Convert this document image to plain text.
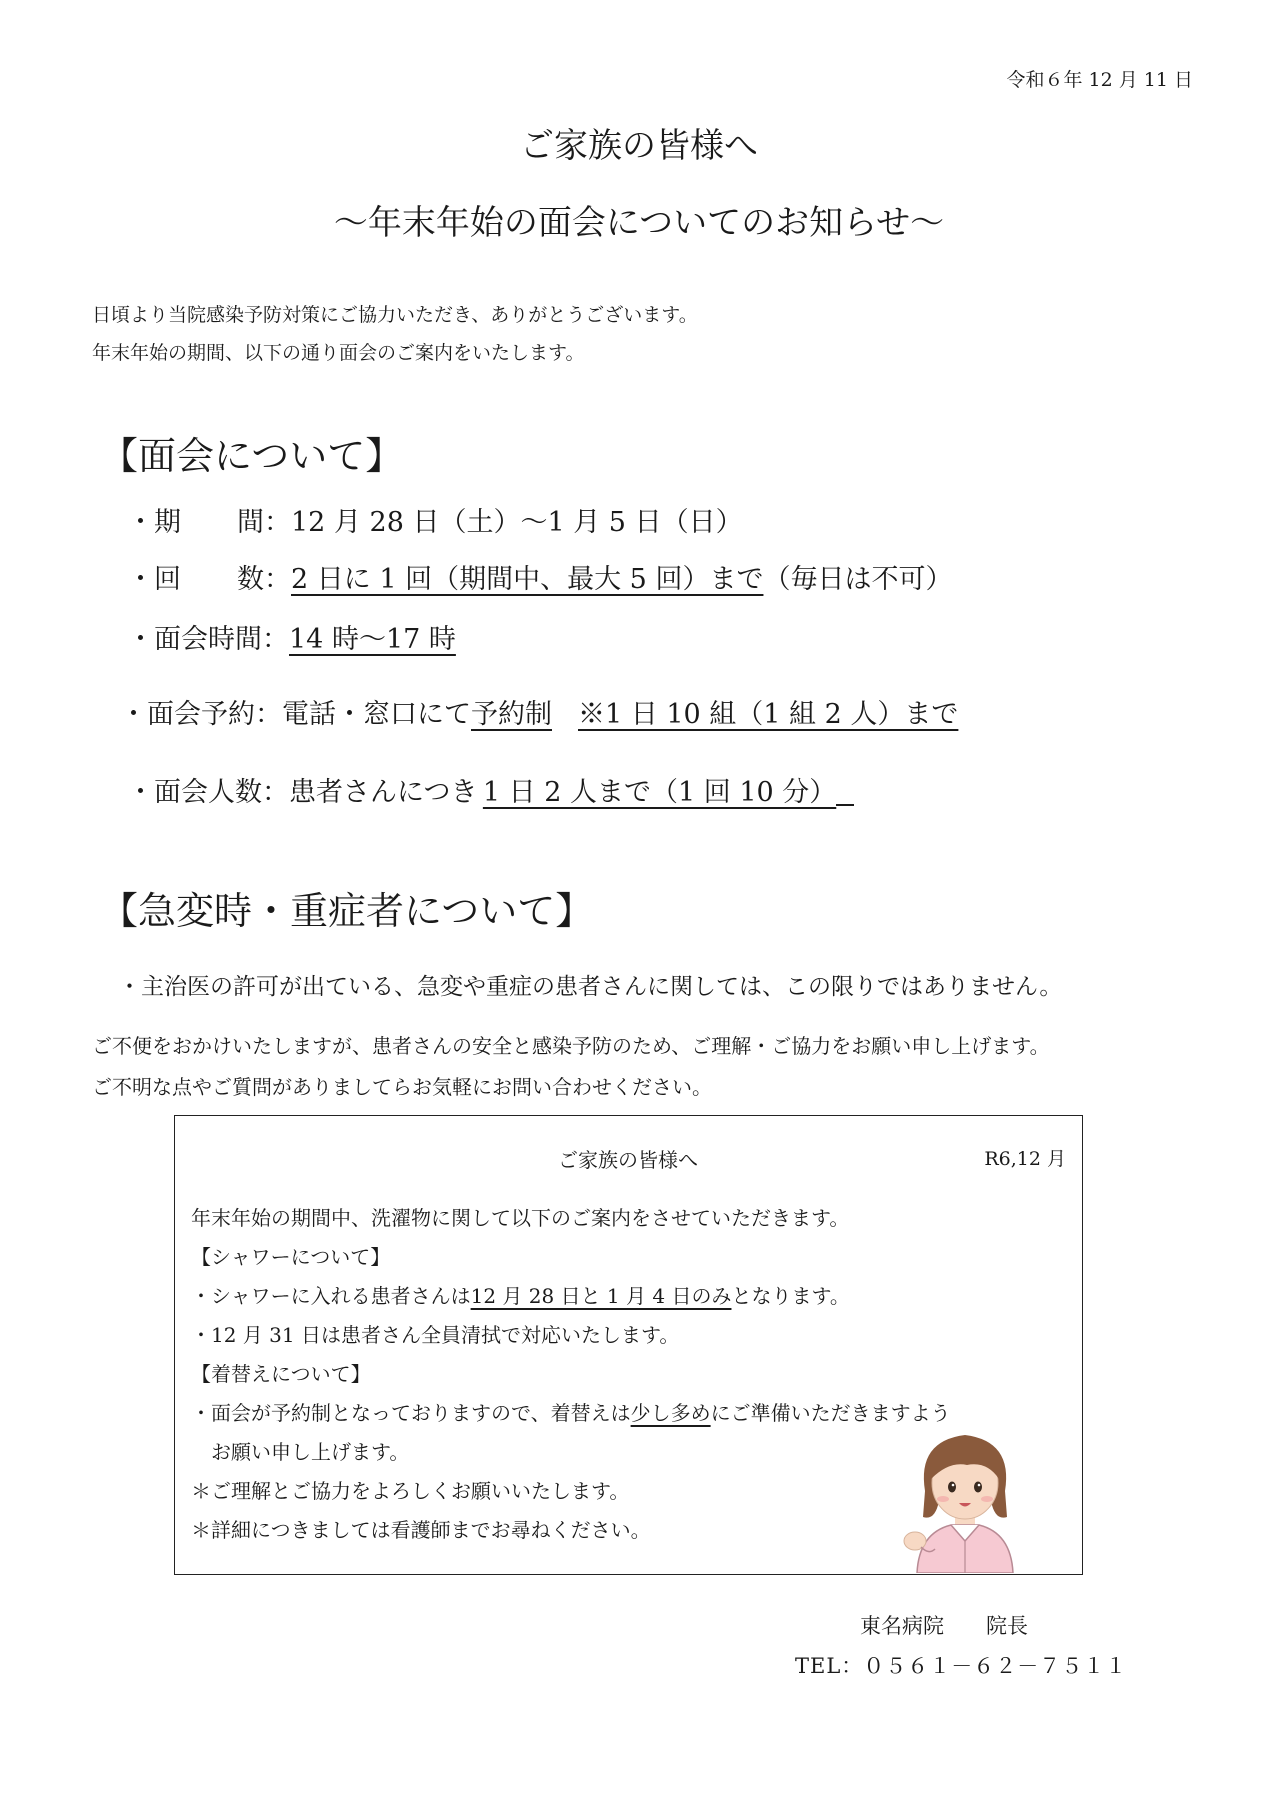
令和６年 12 月 11 日
ご家族の皆様へ
～年末年始の面会についてのお知らせ～
日頃より当院感染予防対策にご協力いただき、ありがとうございます。
年末年始の期間、以下の通り面会のご案内をいたします。
【面会について】
・期 間：12 月 28 日（土）～1 月 5 日（日）
・回 数：2 日に 1 回（期間中、最大 5 回）まで（毎日は不可）
・面会時間：14 時～17 時
・面会予約：電話・窓口にて予約制 ※1 日 10 組（1 組 2 人）まで
・面会人数：患者さんにつき  1 日 2 人まで（1 回 10 分）
【急変時・重症者について】
・主治医の許可が出ている、急変や重症の患者さんに関しては、この限りではありません。
ご不便をおかけいたしますが、患者さんの安全と感染予防のため、ご理解・ご協力をお願い申し上げます。
ご不明な点やご質問がありましてらお気軽にお問い合わせください。
ご家族の皆様へ	R6,12 月
年末年始の期間中、洗濯物に関して以下のご案内をさせていただきます。
【シャワーについて】
・シャワーに入れる患者さんは12 月 28 日と 1 月 4 日のみとなります。
・12 月 31 日は患者さん全員清拭で対応いたします。
【着替えについて】
・面会が予約制となっておりますので、着替えは少し多めにご準備いただきますよう
お願い申し上げます。
＊ご理解とご協力をよろしくお願いいたします。
＊詳細につきましては看護師までお尋ねください。
東名病院　　院長
TEL：０５６１－６２－７５１１
